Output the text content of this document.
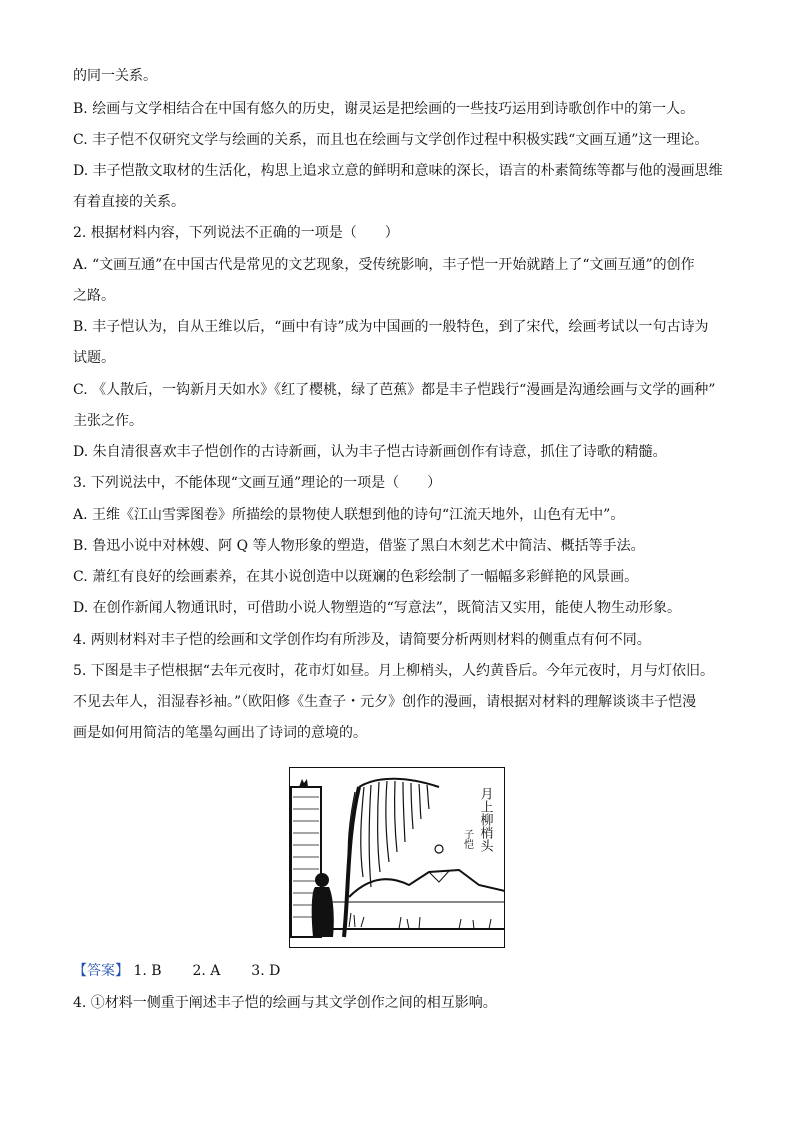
的同一关系。
B. 绘画与文学相结合在中国有悠久的历史，谢灵运是把绘画的一些技巧运用到诗歌创作中的第一人。
C. 丰子恺不仅研究文学与绘画的关系，而且也在绘画与文学创作过程中积极实践“文画互通”这一理论。
D. 丰子恺散文取材的生活化，构思上追求立意的鲜明和意味的深长，语言的朴素简练等都与他的漫画思维
有着直接的关系。
2. 根据材料内容，下列说法不正确的一项是（　　）
A. “文画互通”在中国古代是常见的文艺现象，受传统影响，丰子恺一开始就踏上了“文画互通”的创作
之路。
B. 丰子恺认为，自从王维以后，“画中有诗”成为中国画的一般特色，到了宋代，绘画考试以一句古诗为
试题。
C. 《人散后，一钩新月天如水》《红了樱桃，绿了芭蕉》都是丰子恺践行“漫画是沟通绘画与文学的画种”
主张之作。
D. 朱自清很喜欢丰子恺创作的古诗新画，认为丰子恺古诗新画创作有诗意，抓住了诗歌的精髓。
3. 下列说法中，不能体现“文画互通”理论的一项是（　　）
A. 王维《江山雪霁图卷》所描绘的景物使人联想到他的诗句“江流天地外，山色有无中”。
B. 鲁迅小说中对林嫂、阿 Q 等人物形象的塑造，借鉴了黑白木刻艺术中简洁、概括等手法。
C. 萧红有良好的绘画素养，在其小说创造中以斑斓的色彩绘制了一幅幅多彩鲜艳的风景画。
D. 在创作新闻人物通讯时，可借助小说人物塑造的“写意法”，既简洁又实用，能使人物生动形象。
4. 两则材料对丰子恺的绘画和文学创作均有所涉及，请简要分析两则材料的侧重点有何不同。
5. 下图是丰子恺根据“去年元夜时，花市灯如昼。月上柳梢头，人约黄昏后。今年元夜时，月与灯依旧。
不见去年人，泪湿春衫袖。”（欧阳修《生查子・元夕》创作的漫画，请根据对材料的理解谈谈丰子恺漫
画是如何用简洁的笔墨勾画出了诗词的意境的。
月上柳梢头
子恺
【答案】 1. B 2. A 3. D
4. ①材料一侧重于阐述丰子恺的绘画与其文学创作之间的相互影响。
